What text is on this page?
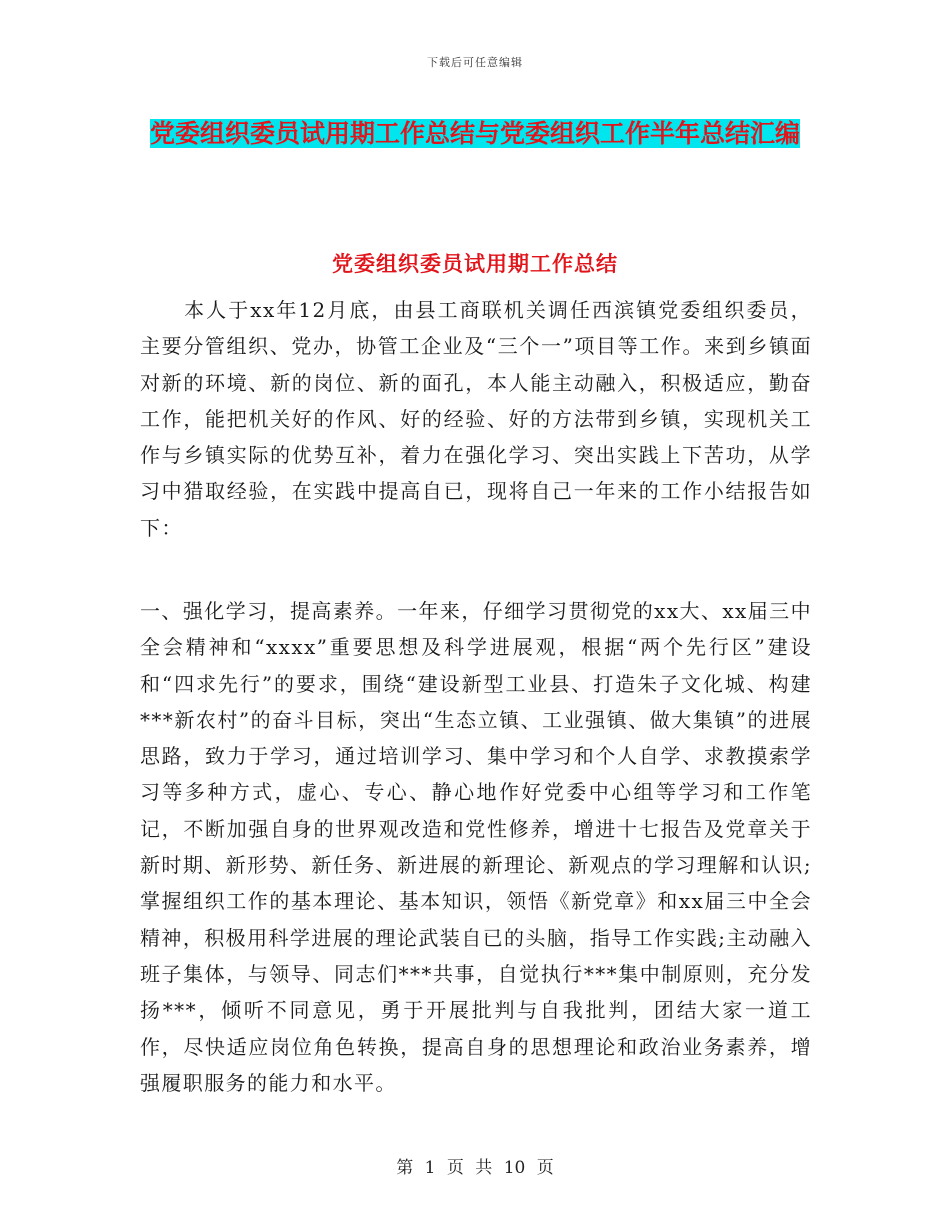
下载后可任意编辑
党委组织委员试用期工作总结与党委组织工作半年总结汇编
党委组织委员试用期工作总结

　　本人于xx年12月底，由县工商联机关调任西滨镇党委组织委员，主要分管组织、党办，协管工企业及“三个一”项目等工作。来到乡镇面对新的环境、新的岗位、新的面孔，本人能主动融入，积极适应，勤奋工作，能把机关好的作风、好的经验、好的方法带到乡镇，实现机关工作与乡镇实际的优势互补，着力在强化学习、突出实践上下苦功，从学习中猎取经验，在实践中提高自已，现将自己一年来的工作小结报告如下：

一、强化学习，提高素养。一年来，仔细学习贯彻党的xx大、xx届三中全会精神和“xxxx”重要思想及科学进展观，根据“两个先行区”建设和“四求先行”的要求，围绕“建设新型工业县、打造朱子文化城、构建***新农村”的奋斗目标，突出“生态立镇、工业强镇、做大集镇”的进展思路，致力于学习，通过培训学习、集中学习和个人自学、求教摸索学习等多种方式，虚心、专心、静心地作好党委中心组等学习和工作笔记，不断加强自身的世界观改造和党性修养，增进十七报告及党章关于新时期、新形势、新任务、新进展的新理论、新观点的学习理解和认识;掌握组织工作的基本理论、基本知识，领悟《新党章》和xx届三中全会精神，积极用科学进展的理论武装自已的头脑，指导工作实践;主动融入班子集体，与领导、同志们***共事，自觉执行***集中制原则，充分发扬***，倾听不同意见，勇于开展批判与自我批判，团结大家一道工作，尽快适应岗位角色转换，提高自身的思想理论和政治业务素养，增强履职服务的能力和水平。

第 1 页 共 10 页
